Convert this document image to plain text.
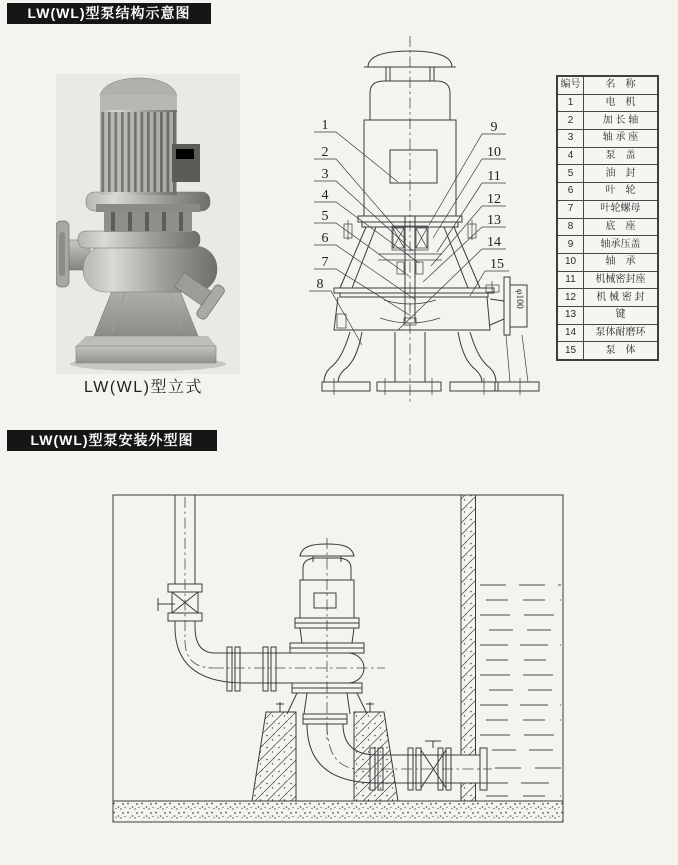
LW(WL)型泵结构示意图
LW(WL)型立式
φ100
1
2
3
4
5
6
7
8
9
10
11
12
13
14
15
编号	名　称
1	电　机
2	加 长 轴
3	轴 承 座
4	泵　盖
5	油　封
6	叶　轮
7	叶轮螺母
8	底　座
9	轴承压盖
10	轴　承
11	机械密封座
12	机 械 密 封
13	键
14	泵体耐磨环
15	泵　体
LW(WL)型泵安装外型图
